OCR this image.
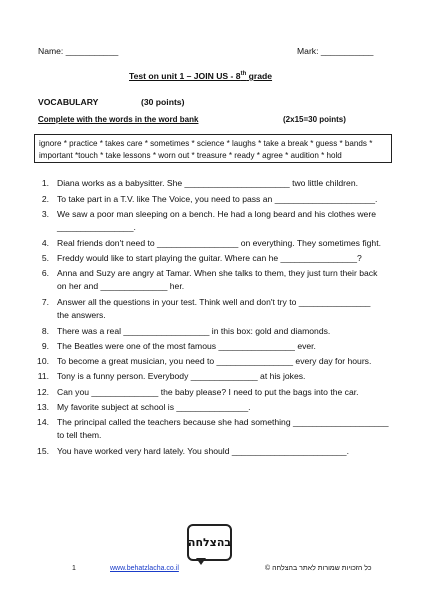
Name: ___________	Mark: ___________
Test on unit 1 – JOIN US - 8th grade
VOCABULARY	(30 points)
Complete with the words in the word bank	(2x15=30 points)
ignore * practice * takes care * sometimes * science * laughs * take a break * guess * bands *
important *touch * take lessons * worn out * treasure * ready * agree * audition * hold
1. Diana works as a babysitter. She ______________________ two little children.
2. To take part in a T.V. like The Voice, you need to pass an _____________________.
3. We saw a poor man sleeping on a bench. He had a long beard and his clothes were
________________.
4. Real friends don't need to _________________ on everything. They sometimes fight.
5. Freddy would like to start playing the guitar. Where can he ________________?
6. Anna and Suzy are angry at Tamar. When she talks to them, they just turn their back
on her and ______________ her.
7. Answer all the questions in your test. Think well and don't try to _______________
the answers.
8. There was a real __________________ in this box: gold and diamonds.
9. The Beatles were one of the most famous ________________ ever.
10. To become a great musician, you need to ________________ every day for hours.
11. Tony is a funny person. Everybody ______________ at his jokes.
12. Can you ______________ the baby please? I need to put the bags into the car.
13. My favorite subject at school is _______________.
14. The principal called the teachers because she had something ____________________
to tell them.
15. You have worked very hard lately. You should ________________________.
בהצלחה
1	www.behatzlacha.co.il	כל הזכויות שמורות לאתר בהצלחה ©
